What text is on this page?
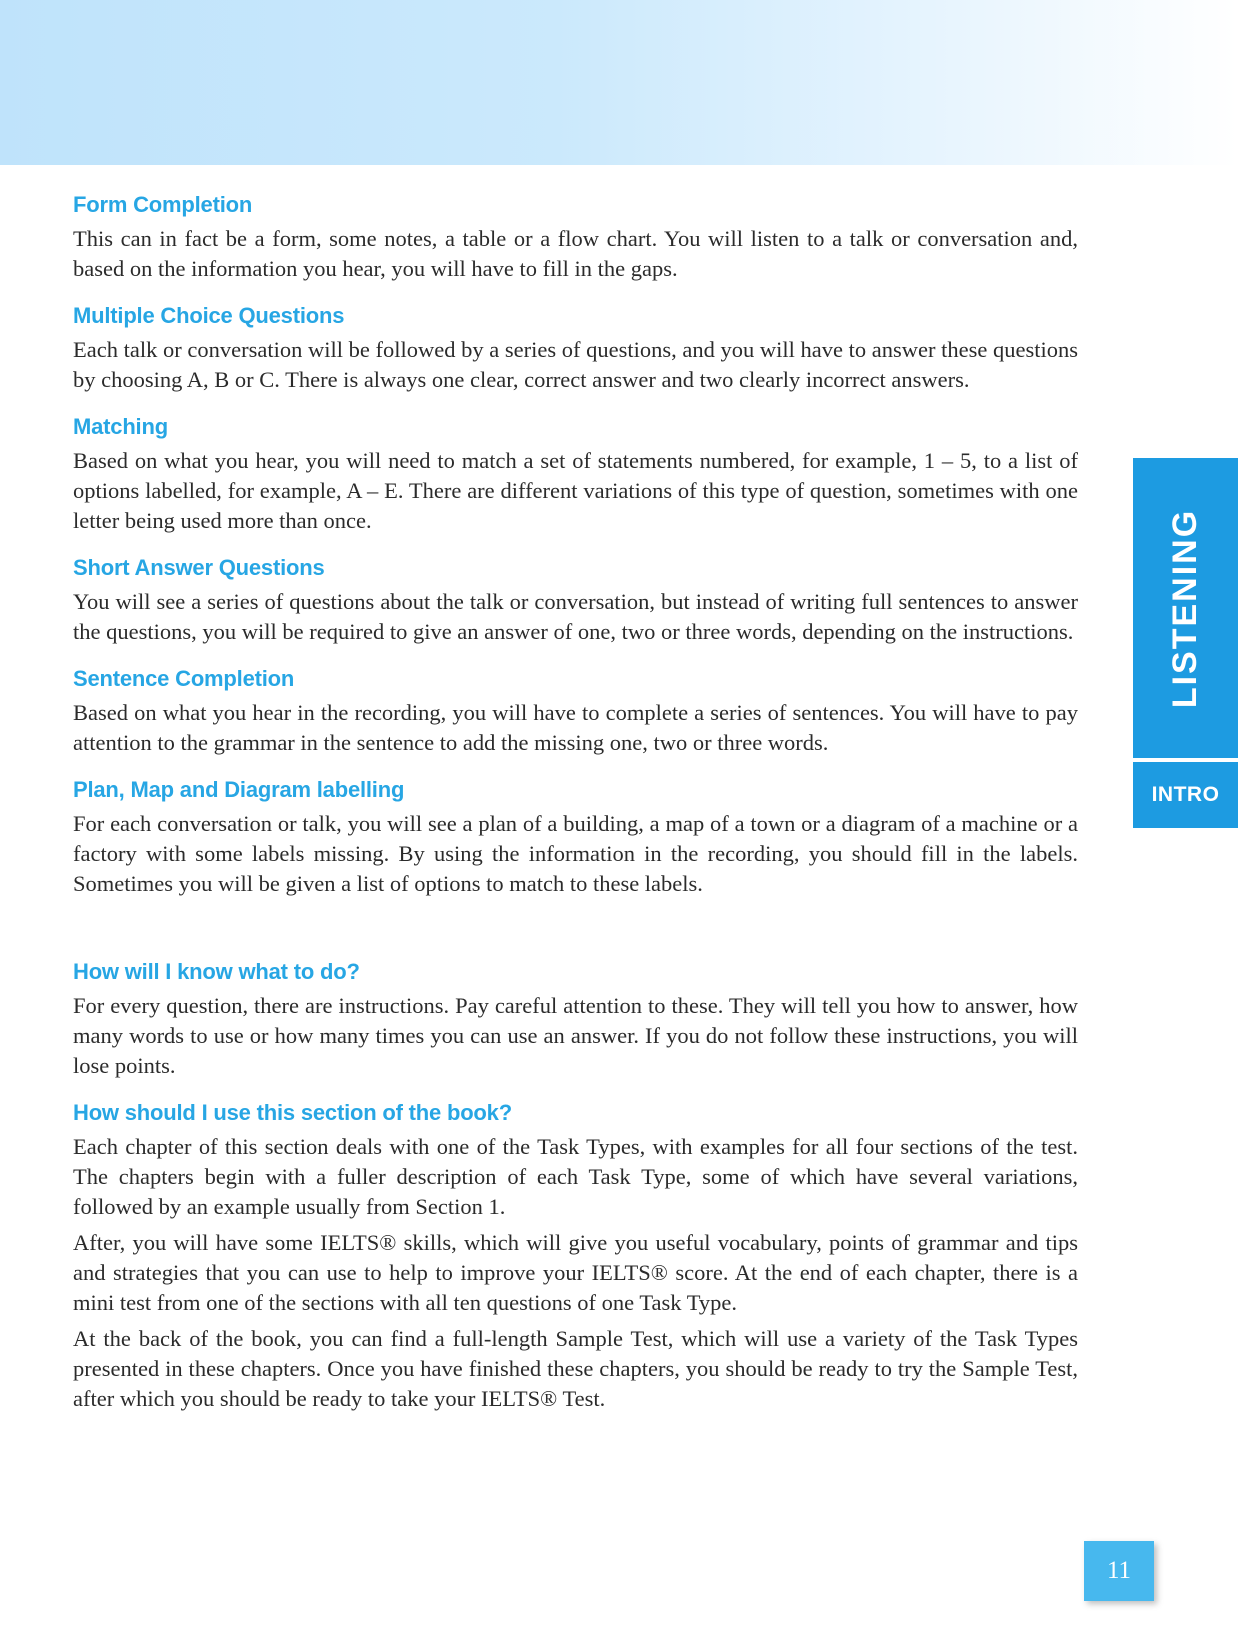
Form Completion

This can in fact be a form, some notes, a table or a flow chart. You will listen to a talk or conversation and, based on the information you hear, you will have to fill in the gaps.

Multiple Choice Questions

Each talk or conversation will be followed by a series of questions, and you will have to answer these questions by choosing A, B or C. There is always one clear, correct answer and two clearly incorrect answers.

Matching

Based on what you hear, you will need to match a set of statements numbered, for example, 1 – 5, to a list of options labelled, for example, A – E. There are different variations of this type of question, sometimes with one letter being used more than once.

Short Answer Questions

You will see a series of questions about the talk or conversation, but instead of writing full sentences to answer the questions, you will be required to give an answer of one, two or three words, depending on the instructions.

Sentence Completion

Based on what you hear in the recording, you will have to complete a series of sentences. You will have to pay attention to the grammar in the sentence to add the missing one, two or three words.

Plan, Map and Diagram labelling

For each conversation or talk, you will see a plan of a building, a map of a town or a diagram of a machine or a factory with some labels missing. By using the information in the recording, you should fill in the labels. Sometimes you will be given a list of options to match to these labels.

How will I know what to do?

For every question, there are instructions. Pay careful attention to these. They will tell you how to answer, how many words to use or how many times you can use an answer. If you do not follow these instructions, you will lose points.

How should I use this section of the book?

Each chapter of this section deals with one of the Task Types, with examples for all four sections of the test. The chapters begin with a fuller description of each Task Type, some of which have several variations, followed by an example usually from Section 1.

After, you will have some IELTS® skills, which will give you useful vocabulary, points of grammar and tips and strategies that you can use to help to improve your IELTS® score. At the end of each chapter, there is a mini test from one of the sections with all ten questions of one Task Type.

At the back of the book, you can find a full-length Sample Test, which will use a variety of the Task Types presented in these chapters. Once you have finished these chapters, you should be ready to try the Sample Test, after which you should be ready to take your IELTS® Test.

LISTENING
INTRO
11
